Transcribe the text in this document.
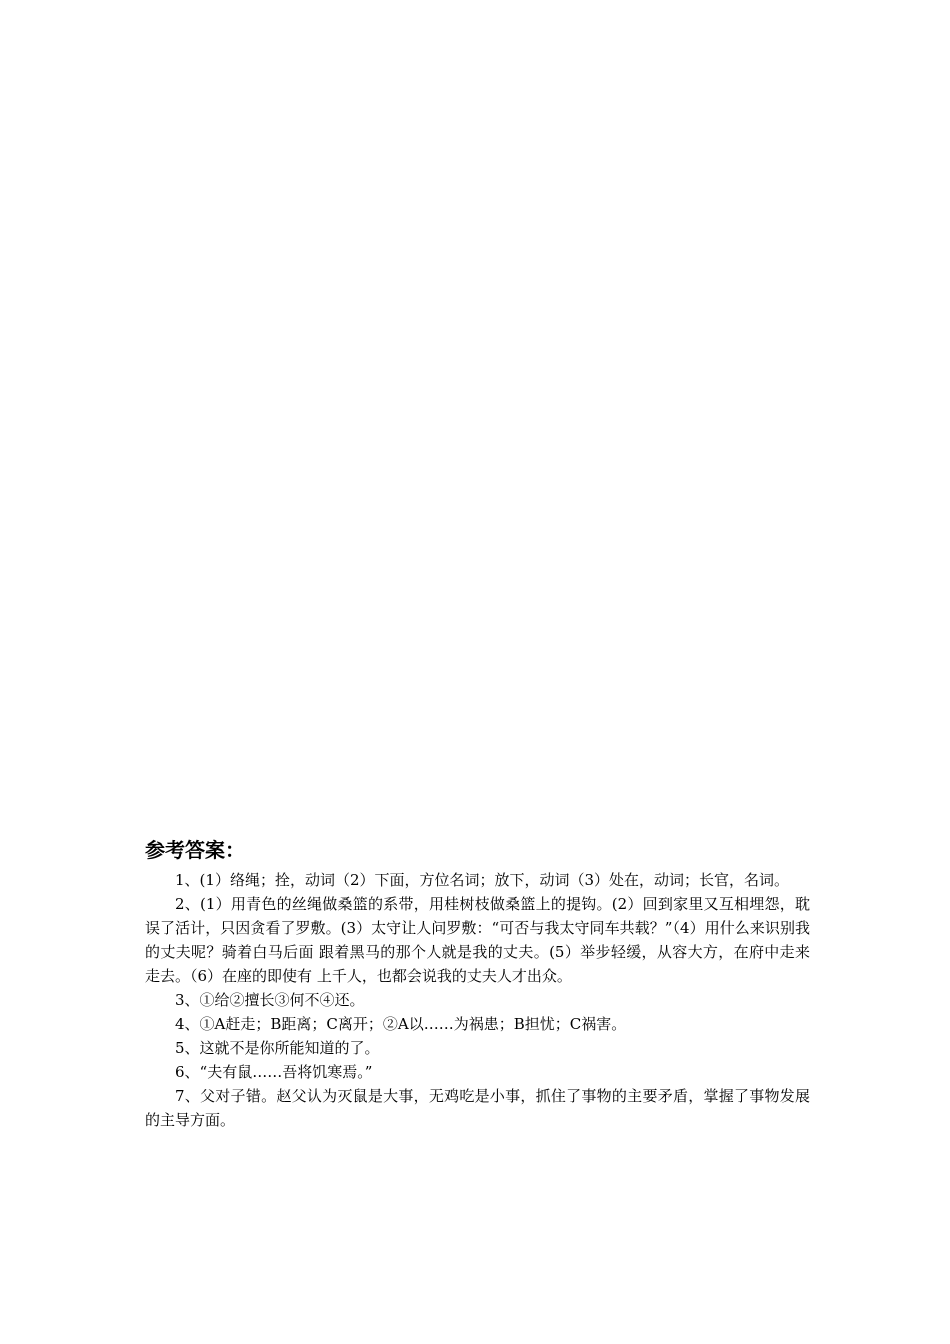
参考答案：

1、(1）络绳；拴，动词（2）下面，方位名词；放下，动词（3）处在，动词；长官，名词。

2、(1）用青色的丝绳做桑篮的系带，用桂树枝做桑篮上的提钩。(2）回到家里又互相埋怨，耽误了活计，只因贪看了罗敷。(3）太守让人问罗敷：“可否与我太守同车共载？”（4）用什么来识别我的丈夫呢？骑着白马后面 跟着黑马的那个人就是我的丈夫。(5）举步轻缓，从容大方，在府中走来走去。（6）在座的即使有 上千人，也都会说我的丈夫人才出众。

3、①给②擅长③何不④还。

4、①A赶走；B距离；C离开；②A以……为祸患；B担忧；C祸害。

5、这就不是你所能知道的了。

6、“夫有鼠……吾将饥寒焉。”

7、父对子错。赵父认为灭鼠是大事，无鸡吃是小事，抓住了事物的主要矛盾，掌握了事物发展的主导方面。
